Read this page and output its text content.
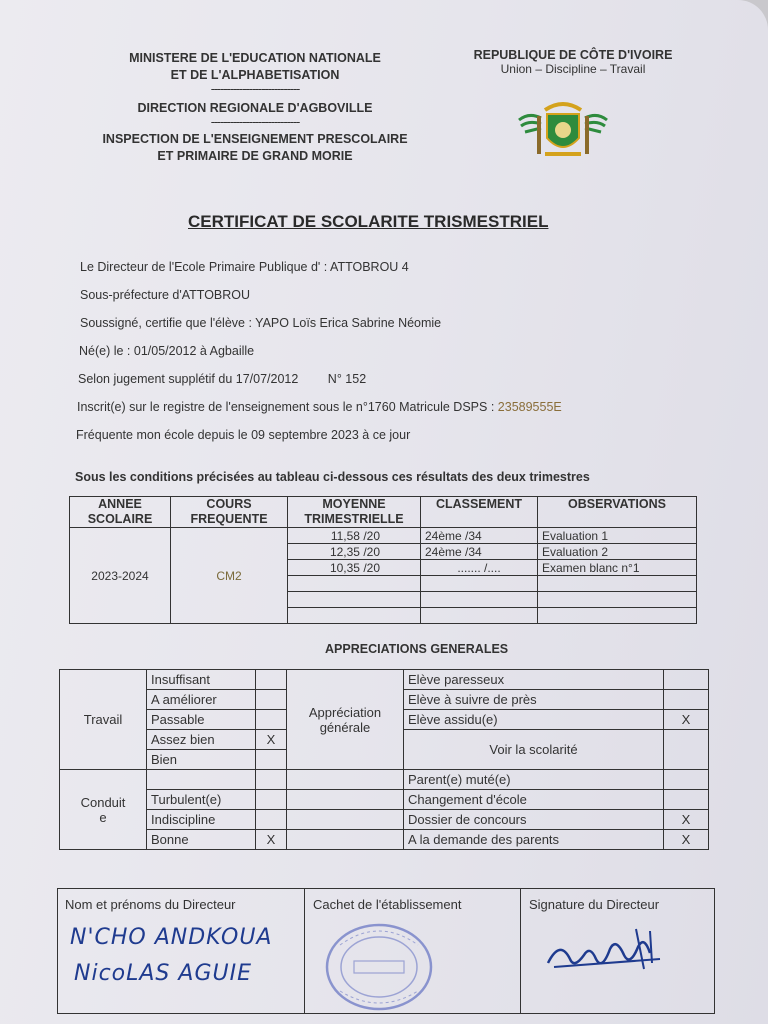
MINISTERE DE L'EDUCATION NATIONALE
ET DE L'ALPHABETISATION
----------------------------
DIRECTION REGIONALE D'AGBOVILLE
----------------------------
INSPECTION DE L'ENSEIGNEMENT PRESCOLAIRE
ET PRIMAIRE DE GRAND MORIE
REPUBLIQUE DE CÔTE D'IVOIRE
Union – Discipline – Travail
CERTIFICAT DE SCOLARITE TRISMESTRIEL
Le Directeur de l'Ecole Primaire Publique d' : ATTOBROU 4
Sous-préfecture d'ATTOBROU
Soussigné, certifie que l'élève : YAPO Loïs Erica Sabrine Néomie
Né(e) le : 01/05/2012 à Agbaille
Selon jugement supplétif du 17/07/2012 N° 152
Inscrit(e) sur le registre de l'enseignement sous le n°1760 Matricule DSPS : 23589555E
Fréquente mon école depuis le 09 septembre 2023 à ce jour
Sous les conditions précisées au tableau ci-dessous ces résultats des deux trimestres
ANNEE SCOLAIRE	COURS FREQUENTE	MOYENNE TRIMESTRIELLE	CLASSEMENT	OBSERVATIONS
2023-2024	CM2	11,58 /20	24ème /34	Evaluation 1
		12,35 /20	24ème /34	Evaluation 2
		10,35 /20	....... /....	Examen blanc n°1

APPRECIATIONS GENERALES
Travail	Insuffisant		Appréciation générale	Elève paresseux	
	A améliorer			Elève à suivre de près	
	Passable			Elève assidu(e)	X
	Assez bien	X		Voir la scolarité	
	Bien				
Conduit
e				Parent(e) muté(e)	
	Turbulent(e)			Changement d'école	
	Indiscipline			Dossier de concours	X
	Bonne	X		A la demande des parents	X
Nom et prénoms du Directeur
N'CHO ANDKOUA
NicoLAS AGUIE
Cachet de l'établissement	Signature du Directeur
